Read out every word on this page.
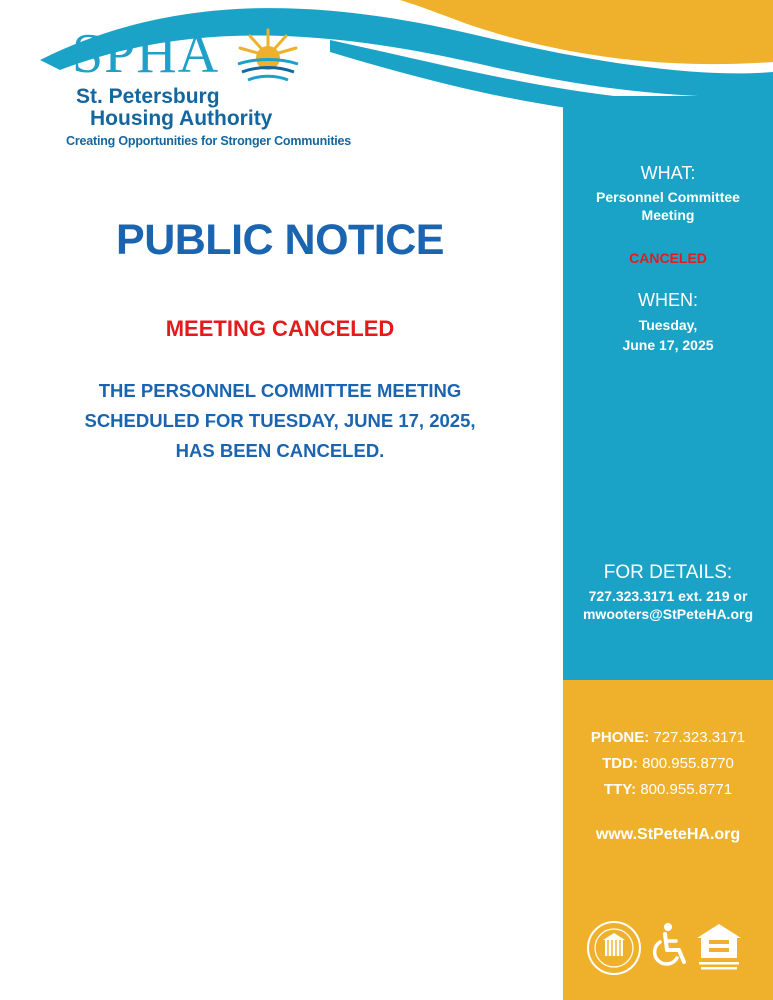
SPHA
St. Petersburg
Housing Authority
Creating Opportunities for Stronger Communities
PUBLIC NOTICE
MEETING CANCELED
THE PERSONNEL COMMITTEE MEETING
SCHEDULED FOR TUESDAY, JUNE 17, 2025,
HAS BEEN CANCELED.
WHAT:
Personnel Committee
Meeting
CANCELED
WHEN:
Tuesday,
June 17, 2025
FOR DETAILS:
727.323.3171 ext. 219 or
mwooters@StPeteHA.org
PHONE: 727.323.3171
TDD: 800.955.8770
TTY: 800.955.8771
www.StPeteHA.org
